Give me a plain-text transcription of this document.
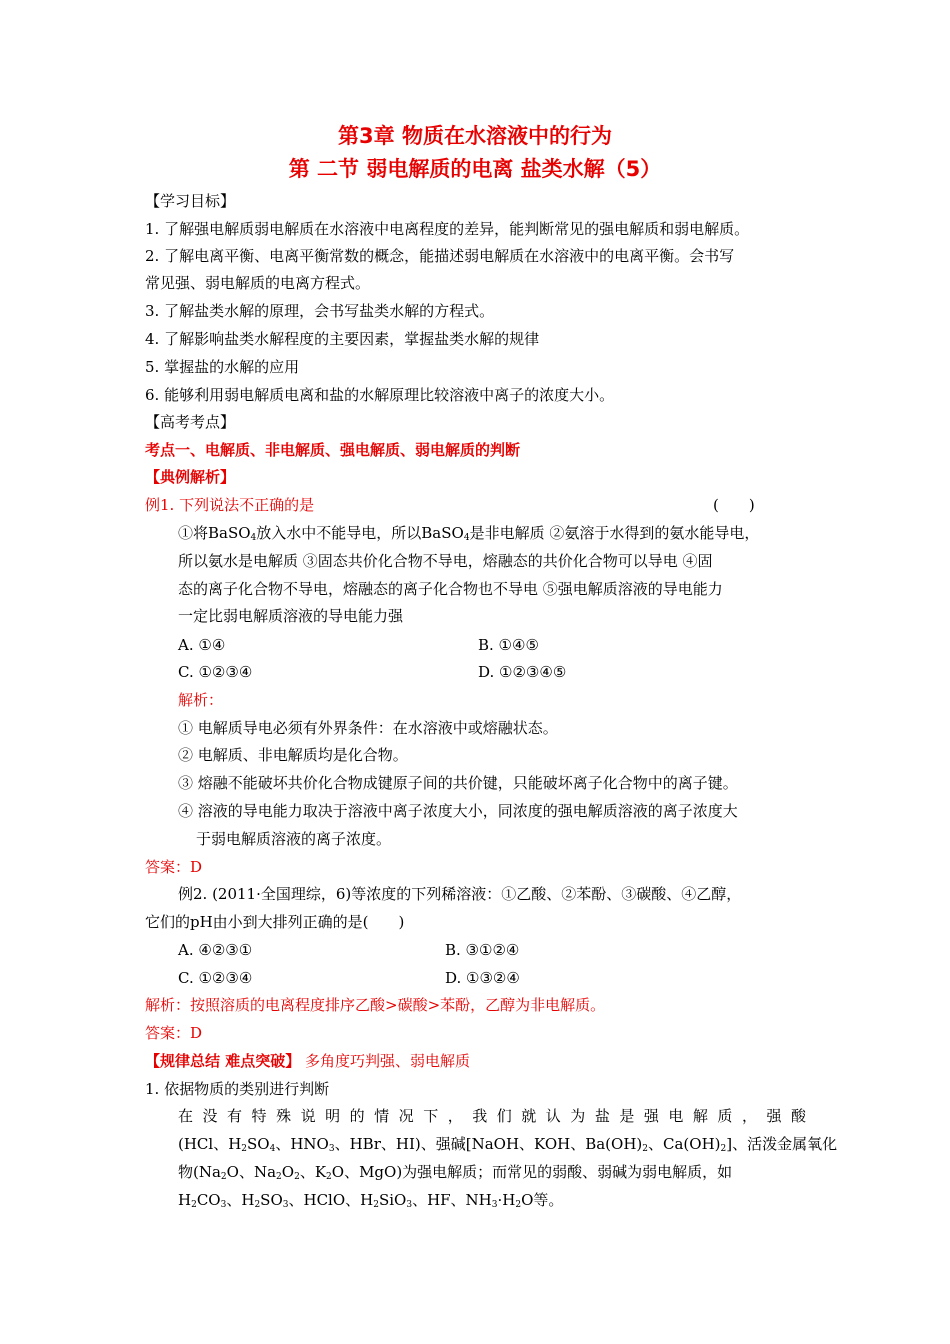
第3章 物质在水溶液中的行为
第 二节 弱电解质的电离 盐类水解（5）
【学习目标】
1. 了解强电解质弱电解质在水溶液中电离程度的差异，能判断常见的强电解质和弱电解质。
2. 了解电离平衡、电离平衡常数的概念，能描述弱电解质在水溶液中的电离平衡。会书写
常见强、弱电解质的电离方程式。
3. 了解盐类水解的原理，会书写盐类水解的方程式。
4. 了解影响盐类水解程度的主要因素，掌握盐类水解的规律
5. 掌握盐的水解的应用
6. 能够利用弱电解质电离和盐的水解原理比较溶液中离子的浓度大小。
【高考考点】
考点一、电解质、非电解质、强电解质、弱电解质的判断
【典例解析】
例1. 下列说法不正确的是	(　　)
①将BaSO$_4$放入水中不能导电，所以BaSO$_4$是非电解质 ②氨溶于水得到的氨水能导电，
所以氨水是电解质 ③固态共价化合物不导电，熔融态的共价化合物可以导电 ④固
态的离子化合物不导电，熔融态的离子化合物也不导电 ⑤强电解质溶液的导电能力
一定比弱电解质溶液的导电能力强
A. ①④	B. ①④⑤
C. ①②③④	D. ①②③④⑤
解析：
① 电解质导电必须有外界条件：在水溶液中或熔融状态。
② 电解质、非电解质均是化合物。
③ 熔融不能破坏共价化合物成键原子间的共价键，只能破坏离子化合物中的离子键。
④ 溶液的导电能力取决于溶液中离子浓度大小，同浓度的强电解质溶液的离子浓度大
于弱电解质溶液的离子浓度。
答案：D
例2. (2011·全国理综，6)等浓度的下列稀溶液：①乙酸、②苯酚、③碳酸、④乙醇，
它们的pH由小到大排列正确的是(　　)
A. ④②③①	B. ③①②④
C. ①②③④	D. ①③②④
解析：按照溶质的电离程度排序乙酸>碳酸>苯酚，乙醇为非电解质。
答案：D
【规律总结 难点突破】 多角度巧判强、弱电解质
1. 依据物质的类别进行判断
在没有特殊说明的情况下，我们就认为盐是强电解质，强酸
(HCl、$H_2SO_4$、$HNO_3$、HBr、HI)、强碱[NaOH、KOH、$Ba(OH)_2$、$Ca(OH)_2$]、活泼金属氧化
物($Na_2O$、$Na_2O_2$、$K_2O$、MgO)为强电解质；而常见的弱酸、弱碱为弱电解质，如
$H_2CO_3$、$H_2SO_3$、HClO、$H_2SiO_3$、HF、$NH_3\cdot H_2O$等。
